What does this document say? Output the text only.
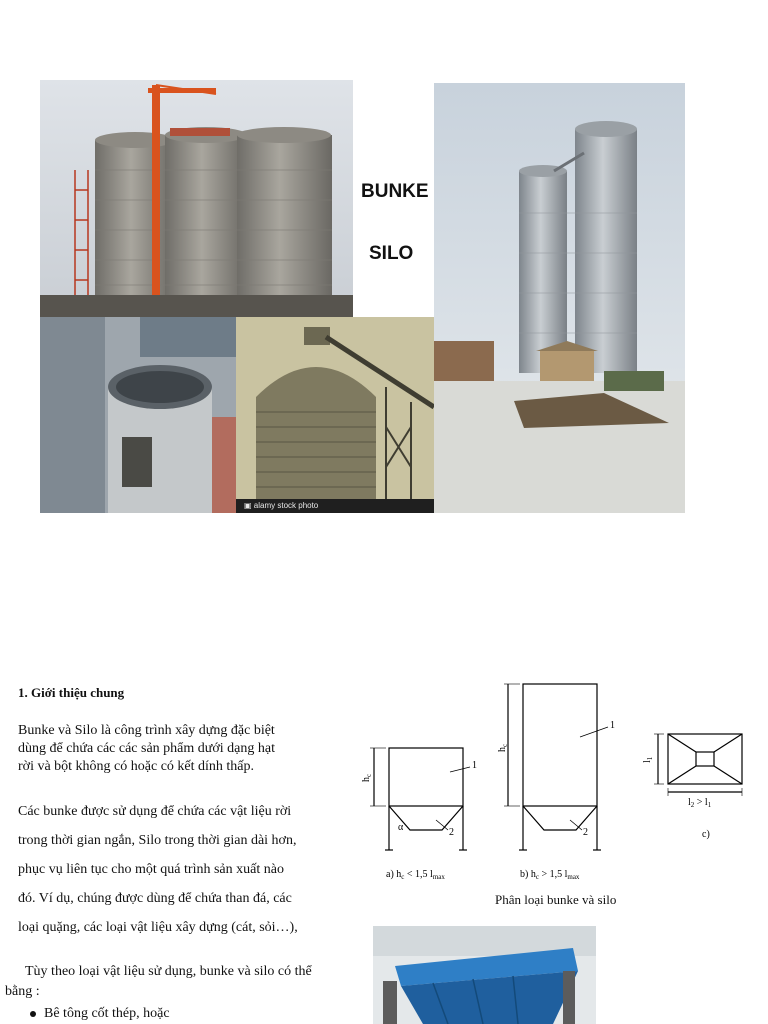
BUNKE
SILO
▣ alamy stock photo
1. Giới thiệu chung
Bunke và Silo là công trình xây dựng đặc biệt
dùng để chứa các các sản phẩm dưới dạng hạt
rời và bột không có hoặc có kết dính thấp.
Các bunke được sử dụng để chứa các vật liệu rời
trong thời gian ngắn, Silo trong thời gian dài hơn,
phục vụ liên tục cho một quá trình sản xuất nào
đó. Ví dụ, chúng được dùng để chứa than đá, các
loại quặng, các loại vật liệu xây dựng (cát, sỏi…),
Tùy theo loại vật liệu sử dụng, bunke và silo có thể
bằng :
Bê tông cốt thép, hoặc
$h_c$
$h_c$
1
2
α
1
2
$l_1$
$l_2 > l_1$
c)
a) $h_c < 1,5$ $l_{max}$	b) $h_c > 1,5$ $l_{max}$
Phân loại bunke và silo
